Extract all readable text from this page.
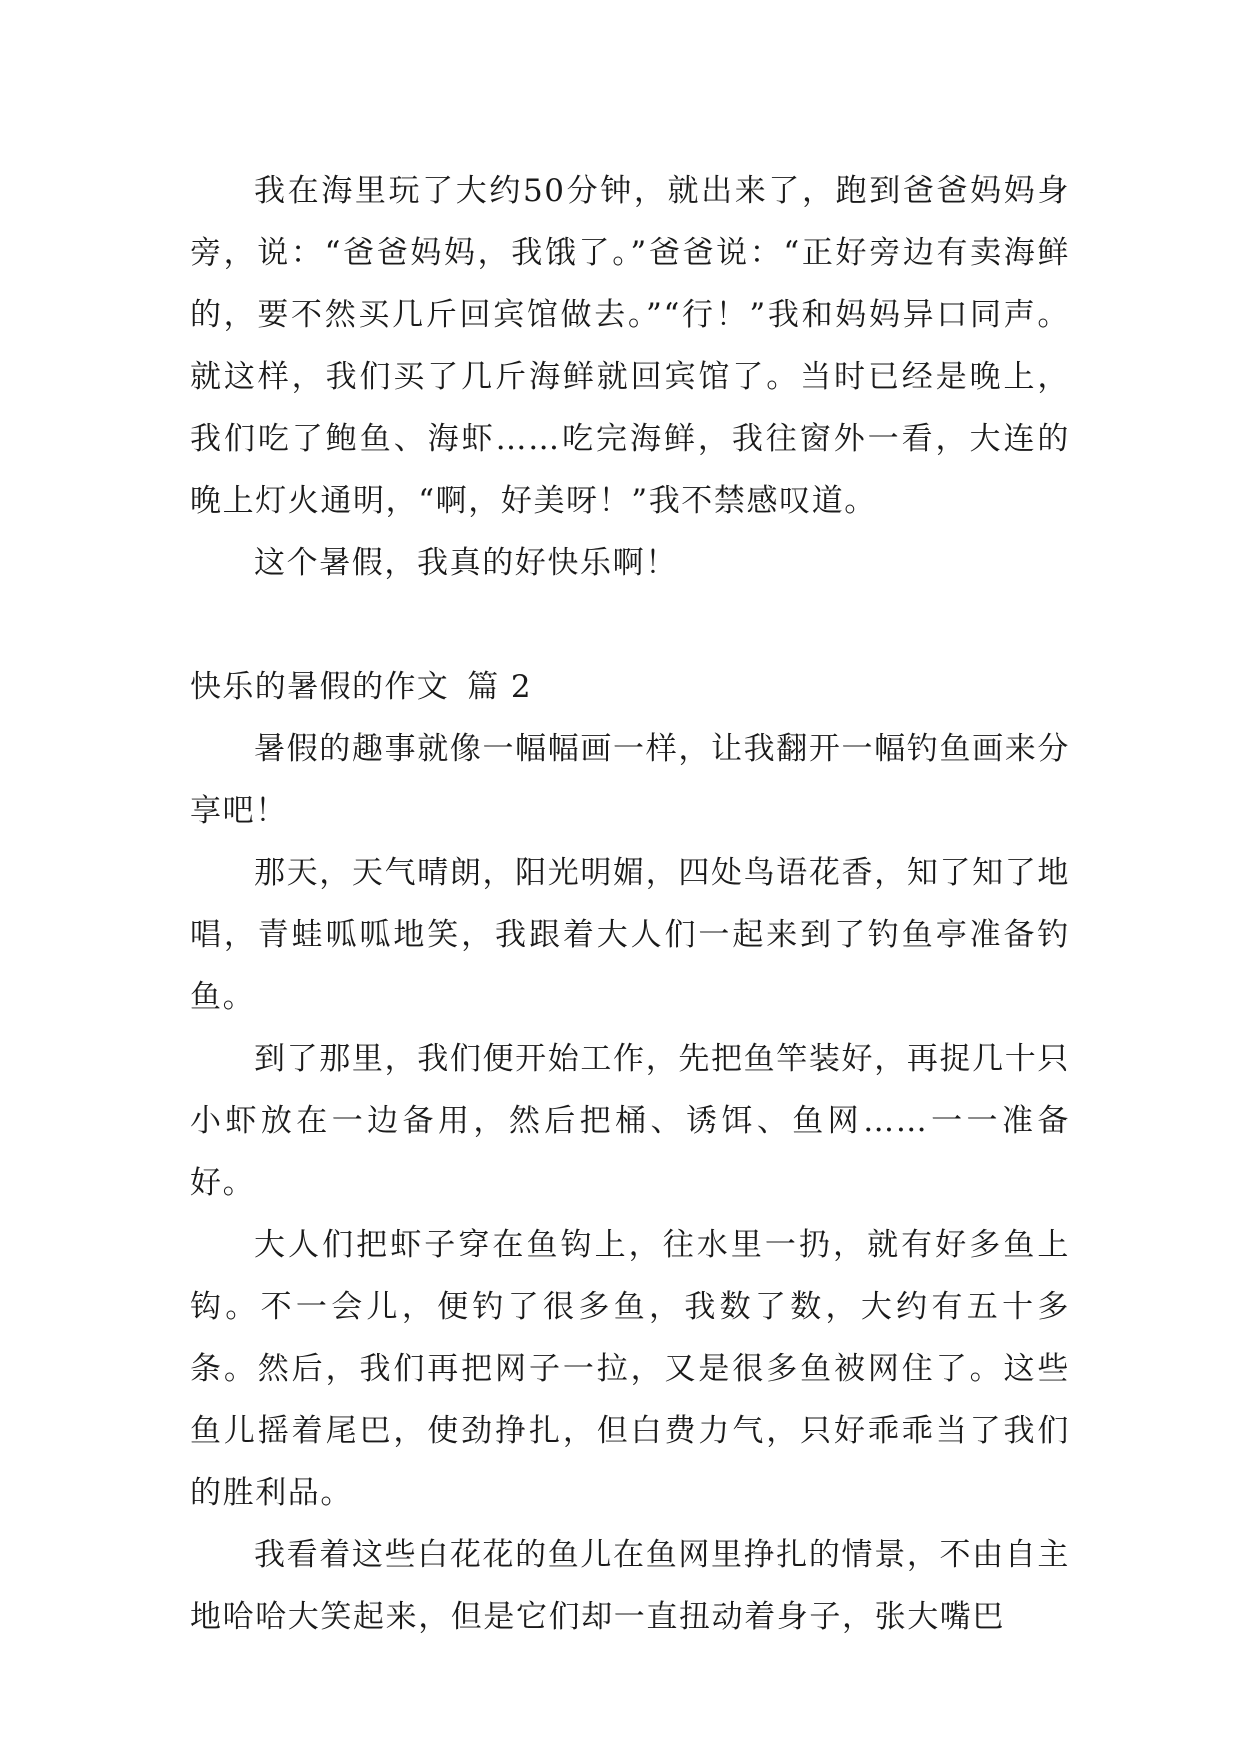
我在海里玩了大约50分钟，就出来了，跑到爸爸妈妈身旁，说：“爸爸妈妈，我饿了。”爸爸说：“正好旁边有卖海鲜的，要不然买几斤回宾馆做去。”“行！”我和妈妈异口同声。就这样，我们买了几斤海鲜就回宾馆了。当时已经是晚上，我们吃了鲍鱼、海虾……吃完海鲜，我往窗外一看，大连的晚上灯火通明，“啊，好美呀！”我不禁感叹道。

这个暑假，我真的好快乐啊！

快乐的暑假的作文 篇 2

暑假的趣事就像一幅幅画一样，让我翻开一幅钓鱼画来分享吧！

那天，天气晴朗，阳光明媚，四处鸟语花香，知了知了地唱，青蛙呱呱地笑，我跟着大人们一起来到了钓鱼亭准备钓鱼。

到了那里，我们便开始工作，先把鱼竿装好，再捉几十只小虾放在一边备用，然后把桶、诱饵、鱼网……一一准备好。

大人们把虾子穿在鱼钩上，往水里一扔，就有好多鱼上钩。不一会儿，便钓了很多鱼，我数了数，大约有五十多条。然后，我们再把网子一拉，又是很多鱼被网住了。这些鱼儿摇着尾巴，使劲挣扎，但白费力气，只好乖乖当了我们的胜利品。

我看着这些白花花的鱼儿在鱼网里挣扎的情景，不由自主地哈哈大笑起来，但是它们却一直扭动着身子，张大嘴巴
